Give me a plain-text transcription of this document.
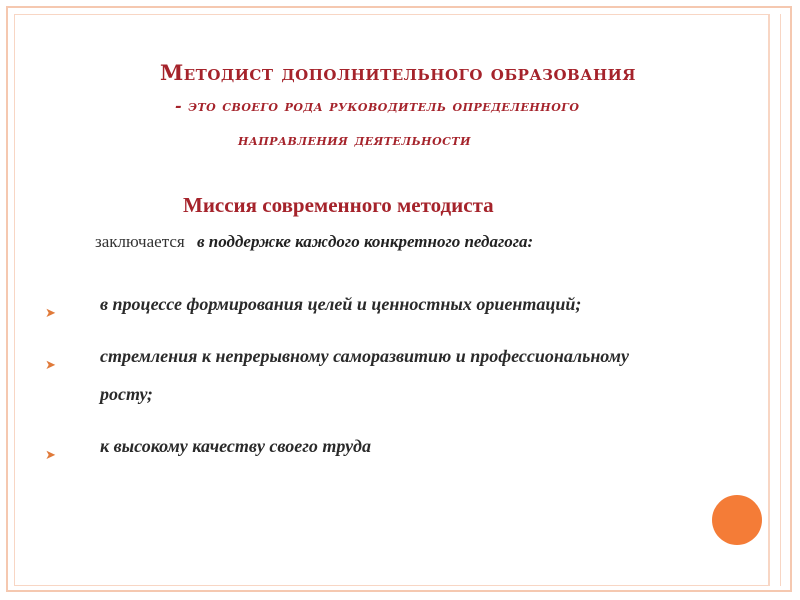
Методист дополнительного образования
- это своего рода руководитель определенного
направления деятельности
Миссия современного методиста
заключается в поддержке каждого конкретного педагога:
➤ в процессе формирования целей и ценностных ориентаций;
➤ стремления к непрерывному саморазвитию и профессиональному росту;
➤ к высокому качеству своего труда
